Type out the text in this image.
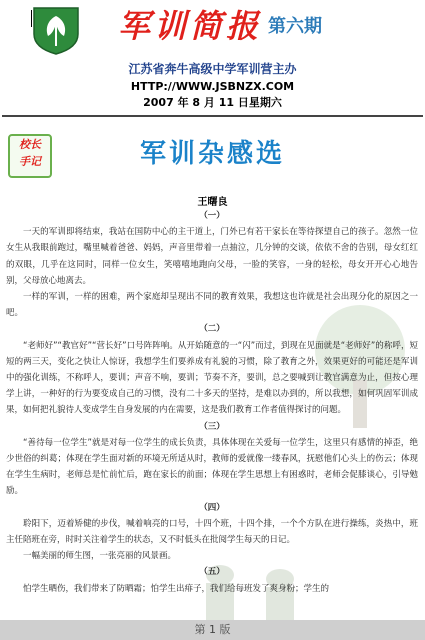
军训简报 第六期
江苏省奔牛高级中学军训营主办
HTTP://WWW.JSBNZX.COM
2007 年 8 月 11 日星期六
校长
手记	军训杂感选
王曙良
（一）

一天的军训即将结束，我站在国防中心的主干道上，门外已有若干家长在等待探望自己的孩子。忽然一位女生从我眼前跑过，嘴里喊着爸爸、妈妈，声音里带着一点抽泣，几分钟的交谈，依依不舍的告别，母女红红的双眼，几乎在这同时，同样一位女生，笑嘻嘻地跑向父母，一脸的笑容，一身的轻松，母女开开心心地告别，父母放心地离去。

一样的军训，一样的困难，两个家庭却呈现出不同的教育效果，我想这也许就是社会出现分化的原因之一吧。

（二）

“老师好”“教官好”“营长好”口号阵阵响。从开始随意的一“闪”而过，到现在见面就是“老师好”的称呼，短短的两三天，变化之快让人惊讶，我想学生们要养成有礼貌的习惯，除了教育之外，效果更好的可能还是军训中的强化训练，不称呼人，要训；声音不响，要训；节奏不齐，要训，总之要喊到让教官满意为止，但按心理学上讲，一种好的行为要变成自己的习惯，没有二十多天的坚持，是难以办到的，所以我想，如何巩固军训成果，如何把礼貌待人变成学生自身发展的内在需要，这是我们教育工作者值得探讨的问题。

（三）

“善待每一位学生”就是对每一位学生的成长负责，具体体现在关爱每一位学生，这里只有感情的掉歪，绝少世俗的纠葛；体现在学生面对新的环境无所适从时，教师的爱就像一缕春风，抚慰他们心头上的伤云；体现在学生生病时，老师总是忙前忙后，跑在家长的前面；体现在学生思想上有困惑时，老师会促膝谈心，引导勉励。

（四）

聆阳下，迈着矫健的步伐，喊着响亮的口号，十四个班，十四个排，一个个方队在进行操练，炎热中，班主任陪班在旁，时时关注着学生的状态，又不时低头在批阅学生每天的日记。

一幅美丽的师生图，一张亮丽的风景画。

（五）

怕学生晒伤，我们带来了防晒霜；怕学生出痱子，我们给每班发了爽身粉；学生的

第 1 版
